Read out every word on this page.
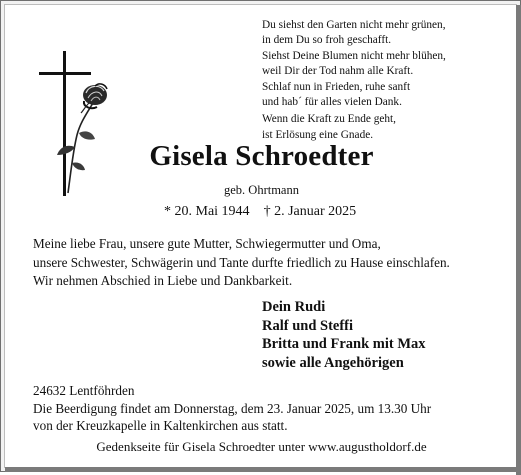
Du siehst den Garten nicht mehr grünen,
in dem Du so froh geschafft.
Siehst Deine Blumen nicht mehr blühen,
weil Dir der Tod nahm alle Kraft.
Schlaf nun in Frieden, ruhe sanft
und hab´ für alles vielen Dank.
Wenn die Kraft zu Ende geht,
ist Erlösung eine Gnade.
Gisela Schroedter
geb. Ohrtmann
* 20. Mai 1944 † 2. Januar 2025
Meine liebe Frau, unsere gute Mutter, Schwiegermutter und Oma,
unsere Schwester, Schwägerin und Tante durfte friedlich zu Hause einschlafen.
Wir nehmen Abschied in Liebe und Dankbarkeit.
Dein Rudi
Ralf und Steffi
Britta und Frank mit Max
sowie alle Angehörigen
24632 Lentföhrden
Die Beerdigung findet am Donnerstag, dem 23. Januar 2025, um 13.30 Uhr
von der Kreuzkapelle in Kaltenkirchen aus statt.
Gedenkseite für Gisela Schroedter unter www.augustholdorf.de
